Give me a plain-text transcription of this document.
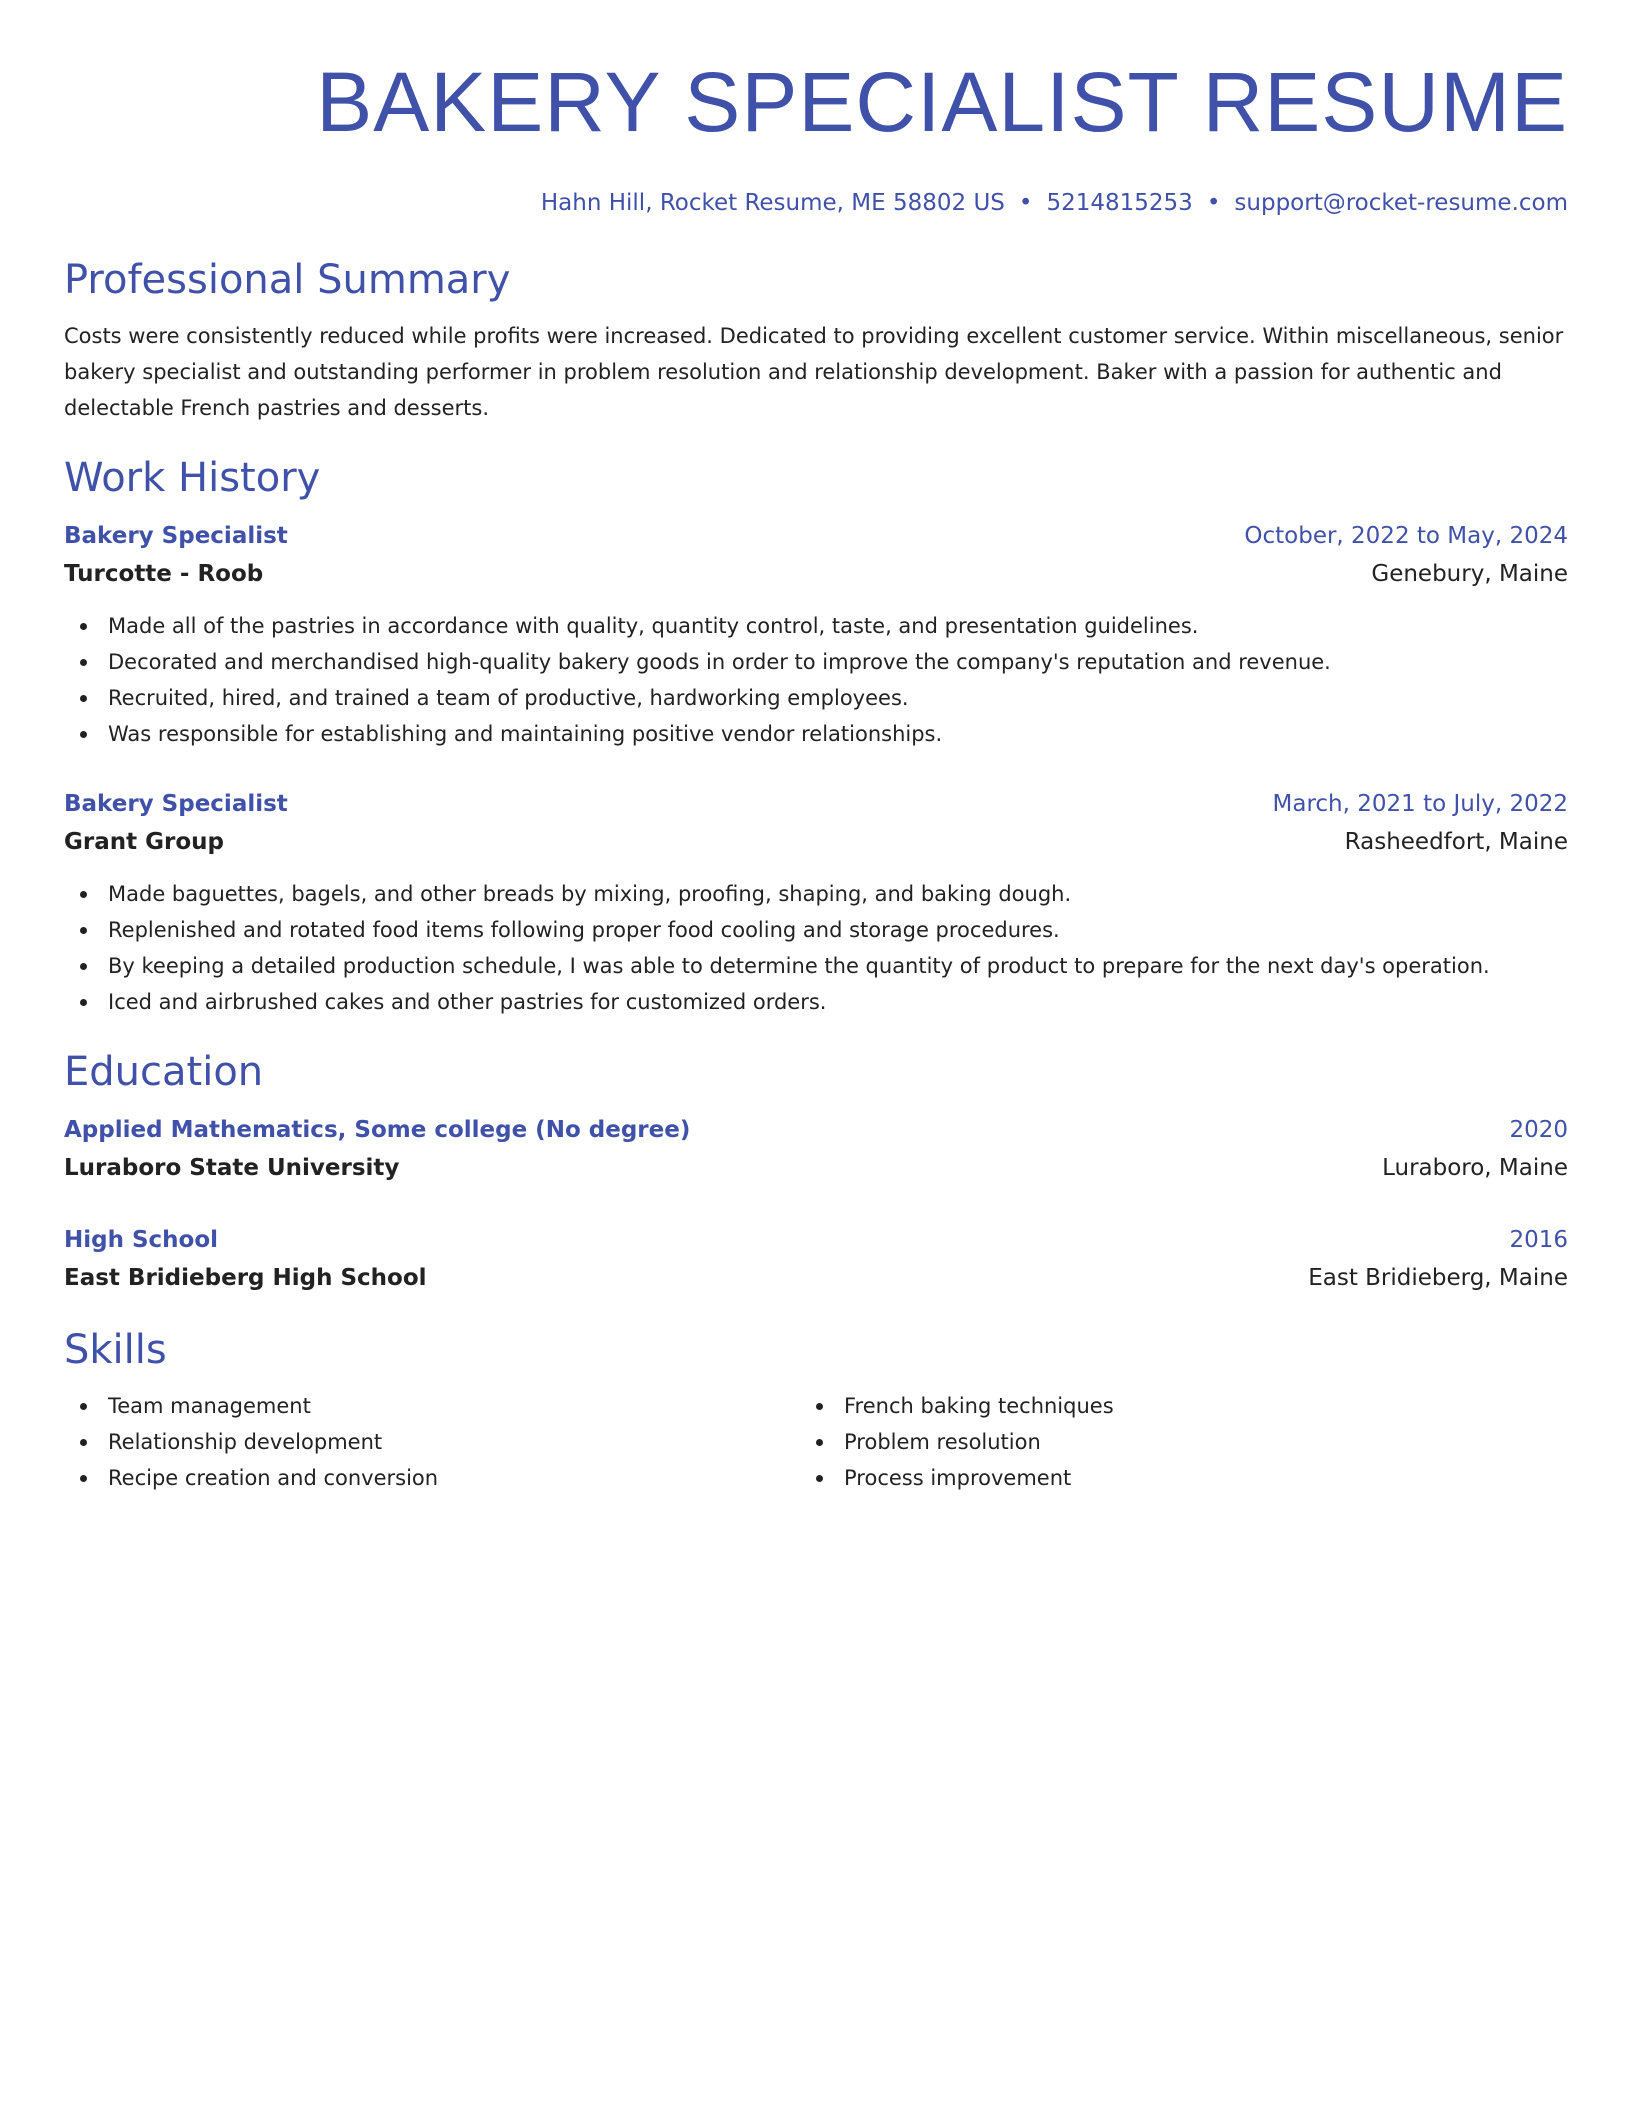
BAKERY SPECIALIST RESUME
Hahn Hill, Rocket Resume, ME 58802 US • 5214815253 • support@rocket-resume.com
Professional Summary

Costs were consistently reduced while profits were increased. Dedicated to providing excellent customer service. Within miscellaneous, senior bakery specialist and outstanding performer in problem resolution and relationship development. Baker with a passion for authentic and delectable French pastries and desserts.

Work History
Bakery Specialist	October, 2022 to May, 2024
Turcotte - Roob	Genebury, Maine
Made all of the pastries in accordance with quality, quantity control, taste, and presentation guidelines.
Decorated and merchandised high-quality bakery goods in order to improve the company's reputation and revenue.
Recruited, hired, and trained a team of productive, hardworking employees.
Was responsible for establishing and maintaining positive vendor relationships.
Bakery Specialist	March, 2021 to July, 2022
Grant Group	Rasheedfort, Maine
Made baguettes, bagels, and other breads by mixing, proofing, shaping, and baking dough.
Replenished and rotated food items following proper food cooling and storage procedures.
By keeping a detailed production schedule, I was able to determine the quantity of product to prepare for the next day's operation.
Iced and airbrushed cakes and other pastries for customized orders.
Education
Applied Mathematics, Some college (No degree)	2020
Luraboro State University	Luraboro, Maine
High School	2016
East Bridieberg High School	East Bridieberg, Maine
Skills
Team management
Relationship development
Recipe creation and conversion
French baking techniques
Problem resolution
Process improvement
